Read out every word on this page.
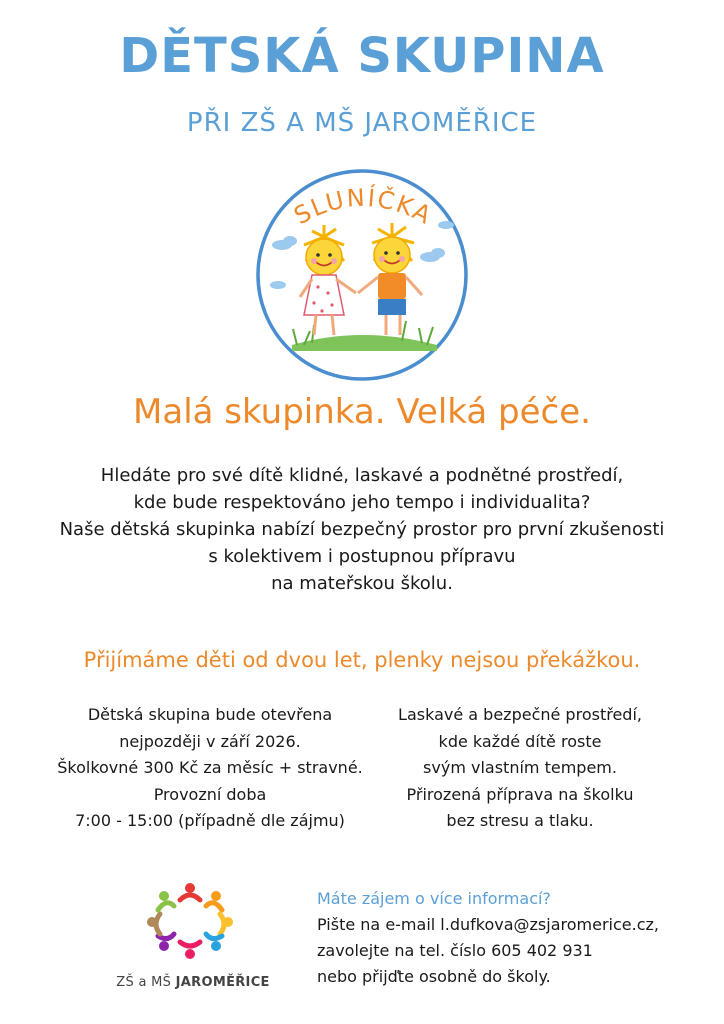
DĚTSKÁ SKUPINA
PŘI ZŠ A MŠ JAROMĚŘICE
SLUNÍČKA
Malá skupinka. Velká péče.
Hledáte pro své dítě klidné, laskavé a podnětné prostředí,
kde bude respektováno jeho tempo i individualita?
Naše dětská skupinka nabízí bezpečný prostor pro první zkušenosti
s kolektivem i postupnou přípravu
na mateřskou školu.
Přijímáme děti od dvou let, plenky nejsou překážkou.
Dětská skupina bude otevřena
nejpozději v září 2026.
Školkovné 300 Kč za měsíc + stravné.
Provozní doba
7:00 - 15:00 (případně dle zájmu)
Laskavé a bezpečné prostředí,
kde každé dítě roste
svým vlastním tempem.
Přirozená příprava na školku
bez stresu a tlaku.
ZŠ a MŠ JAROMĚŘICE
Máte zájem o více informací?
Pište na e-mail l.dufkova@zsjaromerice.cz,
zavolejte na tel. číslo 605 402 931
nebo přijďte osobně do školy.
